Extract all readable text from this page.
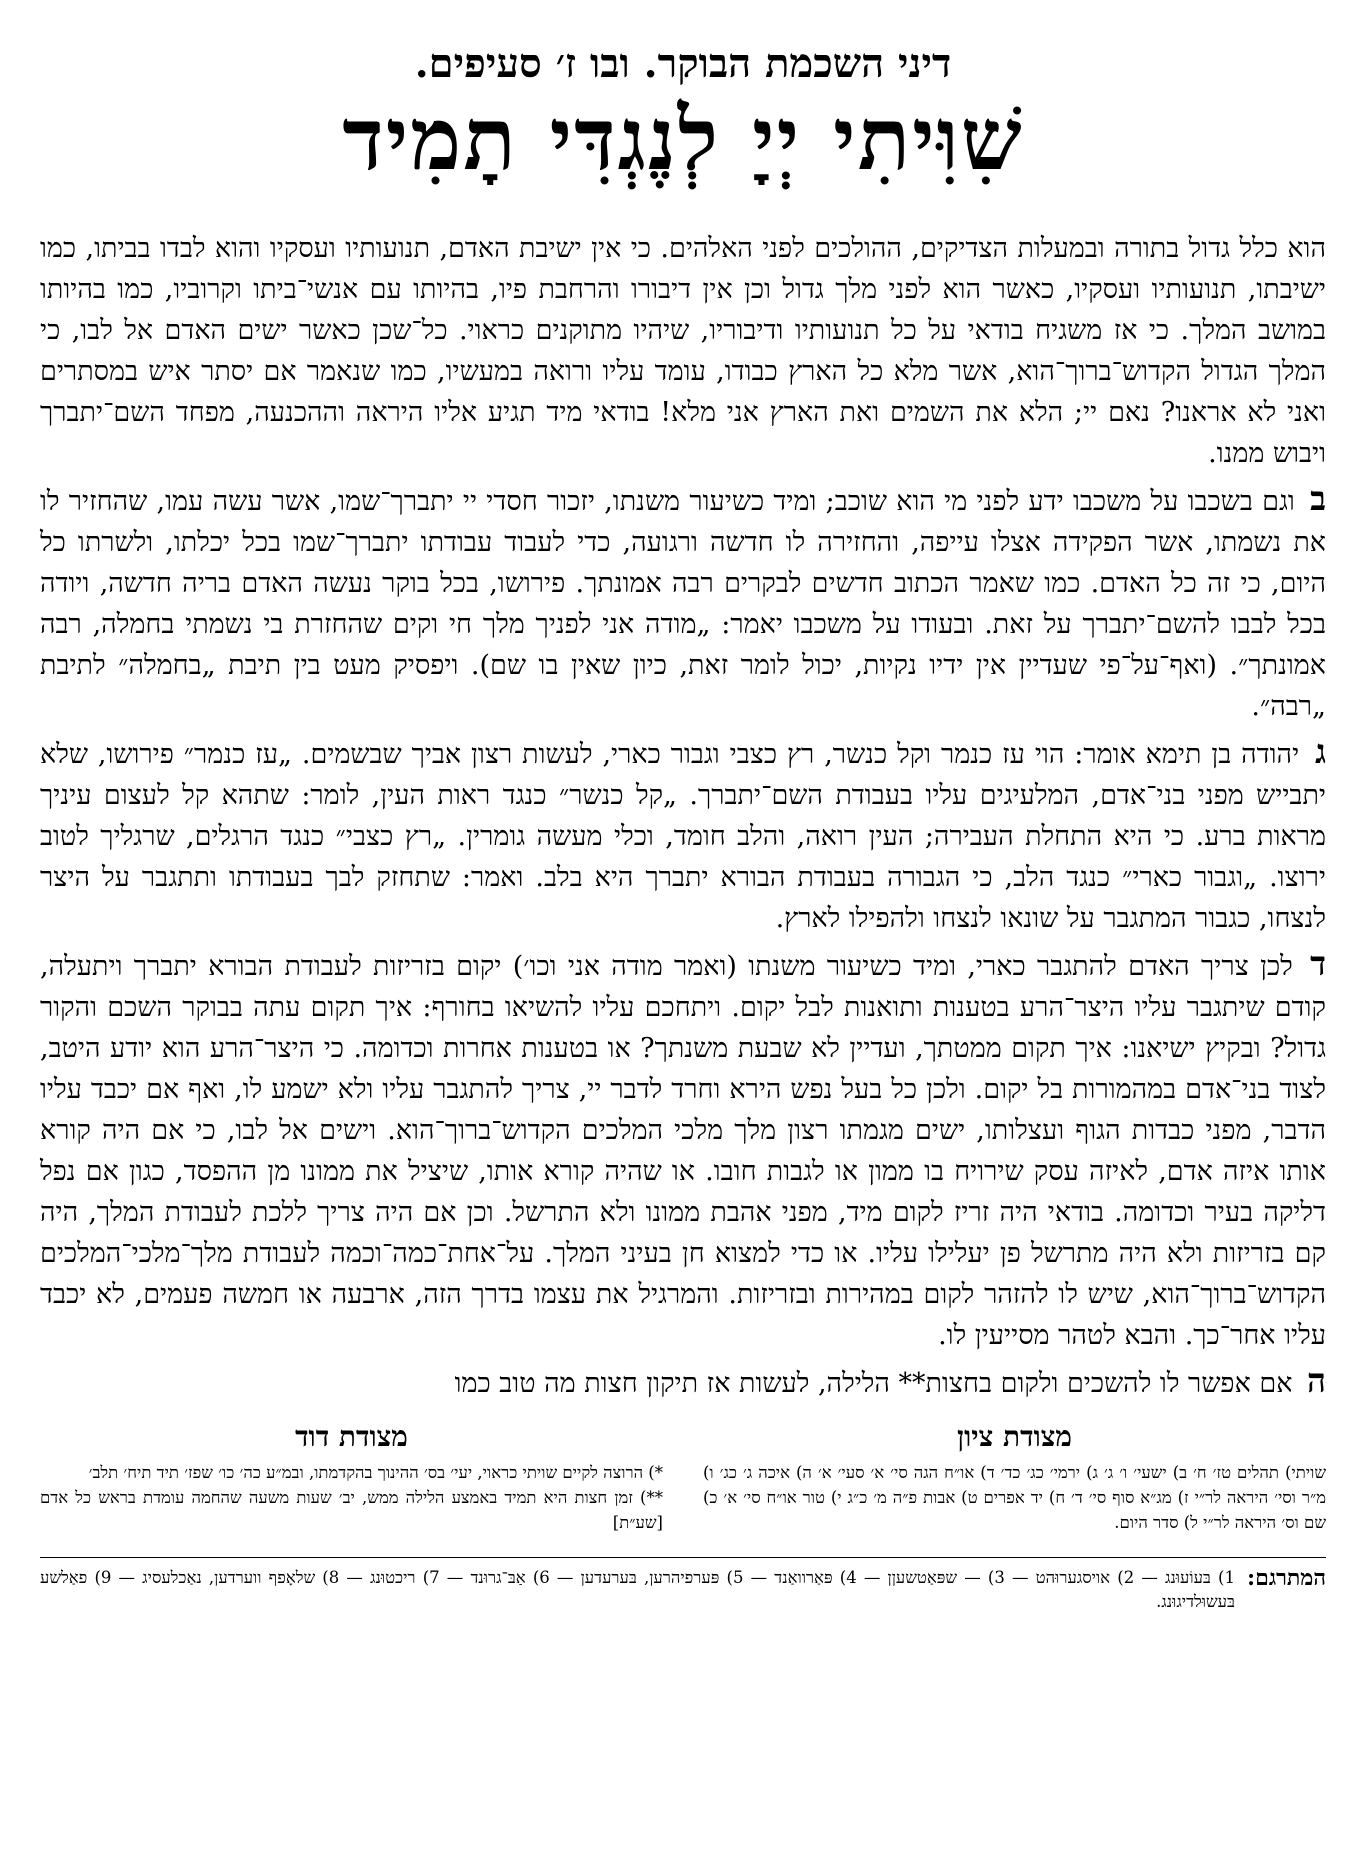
דיני השכמת הבוקר. ובו ז׳ סעיפים.
שִׁוִּיתִי יְיָ לְנֶגְדִּי תָמִיד

הוא כלל גדול בתורה ובמעלות הצדיקים, ההולכים לפני האלהים. כי אין ישיבת האדם, תנועותיו ועסקיו והוא לבדו בביתו, כמו ישיבתו, תנועותיו ועסקיו, כאשר הוא לפני מלך גדול וכן אין דיבורו והרחבת פיו, בהיותו עם אנשי־ביתו וקרוביו, כמו בהיותו במושב המלך. כי אז משגיח בודאי על כל תנועותיו ודיבוריו, שיהיו מתוקנים כראוי. כל־שכן כאשר ישים האדם אל לבו, כי המלך הגדול הקדוש־ברוך־הוא, אשר מלא כל הארץ כבודו, עומד עליו ורואה במעשיו, כמו שנאמר אם יסתר איש במסתרים ואני לא אראנו? נאם יי; הלא את השמים ואת הארץ אני מלא! בודאי מיד תגיע אליו היראה וההכנעה, מפחד השם־יתברך ויבוש ממנו.

ב וגם בשכבו על משכבו ידע לפני מי הוא שוכב; ומיד כשיעור משנתו, יזכור חסדי יי יתברך־שמו, אשר עשה עמו, שהחזיר לו את נשמתו, אשר הפקידה אצלו עייפה, והחזירה לו חדשה ורגועה, כדי לעבוד עבודתו יתברך־שמו בכל יכלתו, ולשרתו כל היום, כי זה כל האדם. כמו שאמר הכתוב חדשים לבקרים רבה אמונתך. פירושו, בכל בוקר נעשה האדם בריה חדשה, ויודה בכל לבבו להשם־יתברך על זאת. ובעודו על משכבו יאמר: „מודה אני לפניך מלך חי וקים שהחזרת בי נשמתי בחמלה, רבה אמונתך״. (ואף־על־פי שעדיין אין ידיו נקיות, יכול לומר זאת, כיון שאין בו שם). ויפסיק מעט בין תיבת „בחמלה״ לתיבת „רבה״.

ג יהודה בן תימא אומר: הוי עז כנמר וקל כנשר, רץ כצבי וגבור כארי, לעשות רצון אביך שבשמים. „עז כנמר״ פירושו, שלא יתבייש מפני בני־אדם, המלעיגים עליו בעבודת השם־יתברך. „קל כנשר״ כנגד ראות העין, לומר: שתהא קל לעצום עיניך מראות ברע. כי היא התחלת העבירה; העין רואה, והלב חומד, וכלי מעשה גומרין. „רץ כצבי״ כנגד הרגלים, שרגליך לטוב ירוצו. „וגבור כארי״ כנגד הלב, כי הגבורה בעבודת הבורא יתברך היא בלב. ואמר: שתחזק לבך בעבודתו ותתגבר על היצר לנצחו, כגבור המתגבר על שונאו לנצחו ולהפילו לארץ.

ד לכן צריך האדם להתגבר כארי, ומיד כשיעור משנתו (ואמר מודה אני וכו׳) יקום בזריזות לעבודת הבורא יתברך ויתעלה, קודם שיתגבר עליו היצר־הרע בטענות ותואנות לבל יקום. ויתחכם עליו להשיאו בחורף: איך תקום עתה בבוקר השכם והקור גדול? ובקיץ ישיאנו: איך תקום ממטתך, ועדיין לא שבעת משנתך? או בטענות אחרות וכדומה. כי היצר־הרע הוא יודע היטב, לצוד בני־אדם במהמורות בל יקום. ולכן כל בעל נפש הירא וחרד לדבר יי, צריך להתגבר עליו ולא ישמע לו, ואף אם יכבד עליו הדבר, מפני כבדות הגוף ועצלותו, ישים מגמתו רצון מלך מלכי המלכים הקדוש־ברוך־הוא. וישים אל לבו, כי אם היה קורא אותו איזה אדם, לאיזה עסק שירויח בו ממון או לגבות חובו. או שהיה קורא אותו, שיציל את ממונו מן ההפסד, כגון אם נפל דליקה בעיר וכדומה. בודאי היה זריז לקום מיד, מפני אהבת ממונו ולא התרשל. וכן אם היה צריך ללכת לעבודת המלך, היה קם בזריזות ולא היה מתרשל פן יעלילו עליו. או כדי למצוא חן בעיני המלך. על־אחת־כמה־וכמה לעבודת מלך־מלכי־המלכים הקדוש־ברוך־הוא, שיש לו להזהר לקום במהירות ובזריזות. והמרגיל את עצמו בדרך הזה, ארבעה או חמשה פעמים, לא יכבד עליו אחר־כך. והבא לטהר מסייעין לו.

ה אם אפשר לו להשכים ולקום בחצות** הלילה, לעשות אז תיקון חצות מה טוב כמו

מצודת ציון

שויתי) תהלים טז׳ ח׳ ב) ישעי׳ ו׳ ג׳ ג) ירמי׳ כג׳ כד׳ ד) או״ח הגה סי׳ א׳ סעי׳ א׳ ה) איכה ג׳ כג׳ ו) מ״ר וסי׳ היראה לר״י ז) מג״א סוף סי׳ ד׳ ח) יד אפרים ט) אבות פ״ה מ׳ כ״ג י) טור או״ח סי׳ א׳ כ) שם וס׳ היראה לר״י ל) סדר היום.

מצודת דוד

*) הרוצה לקיים שויתי כראוי, יעי׳ בס׳ ההינוך בהקדמתו, ובמ״ע כה׳ כו׳ שפז׳ תיד תיח׳ תלב׳

**) זמן חצות היא תמיד באמצע הלילה ממש, יב׳ שעות משעה שהחמה עומדת בראש כל אדם [שע״ת]

המתרגם:
1) בּעוֹעוּנג — 2) אויסגערוּהט — 3) — שפּאַטשעןן — 4) פּאַרוואַנד — 5) פּערפיהרען, בּערעדען — 6) אַבּ־גרוּנד — 7) ריכטוּנג — 8) שלאָפף ווערדען, נאַכלעסיג — 9) פאַלשע בּעשוּלדיגוּנג.
